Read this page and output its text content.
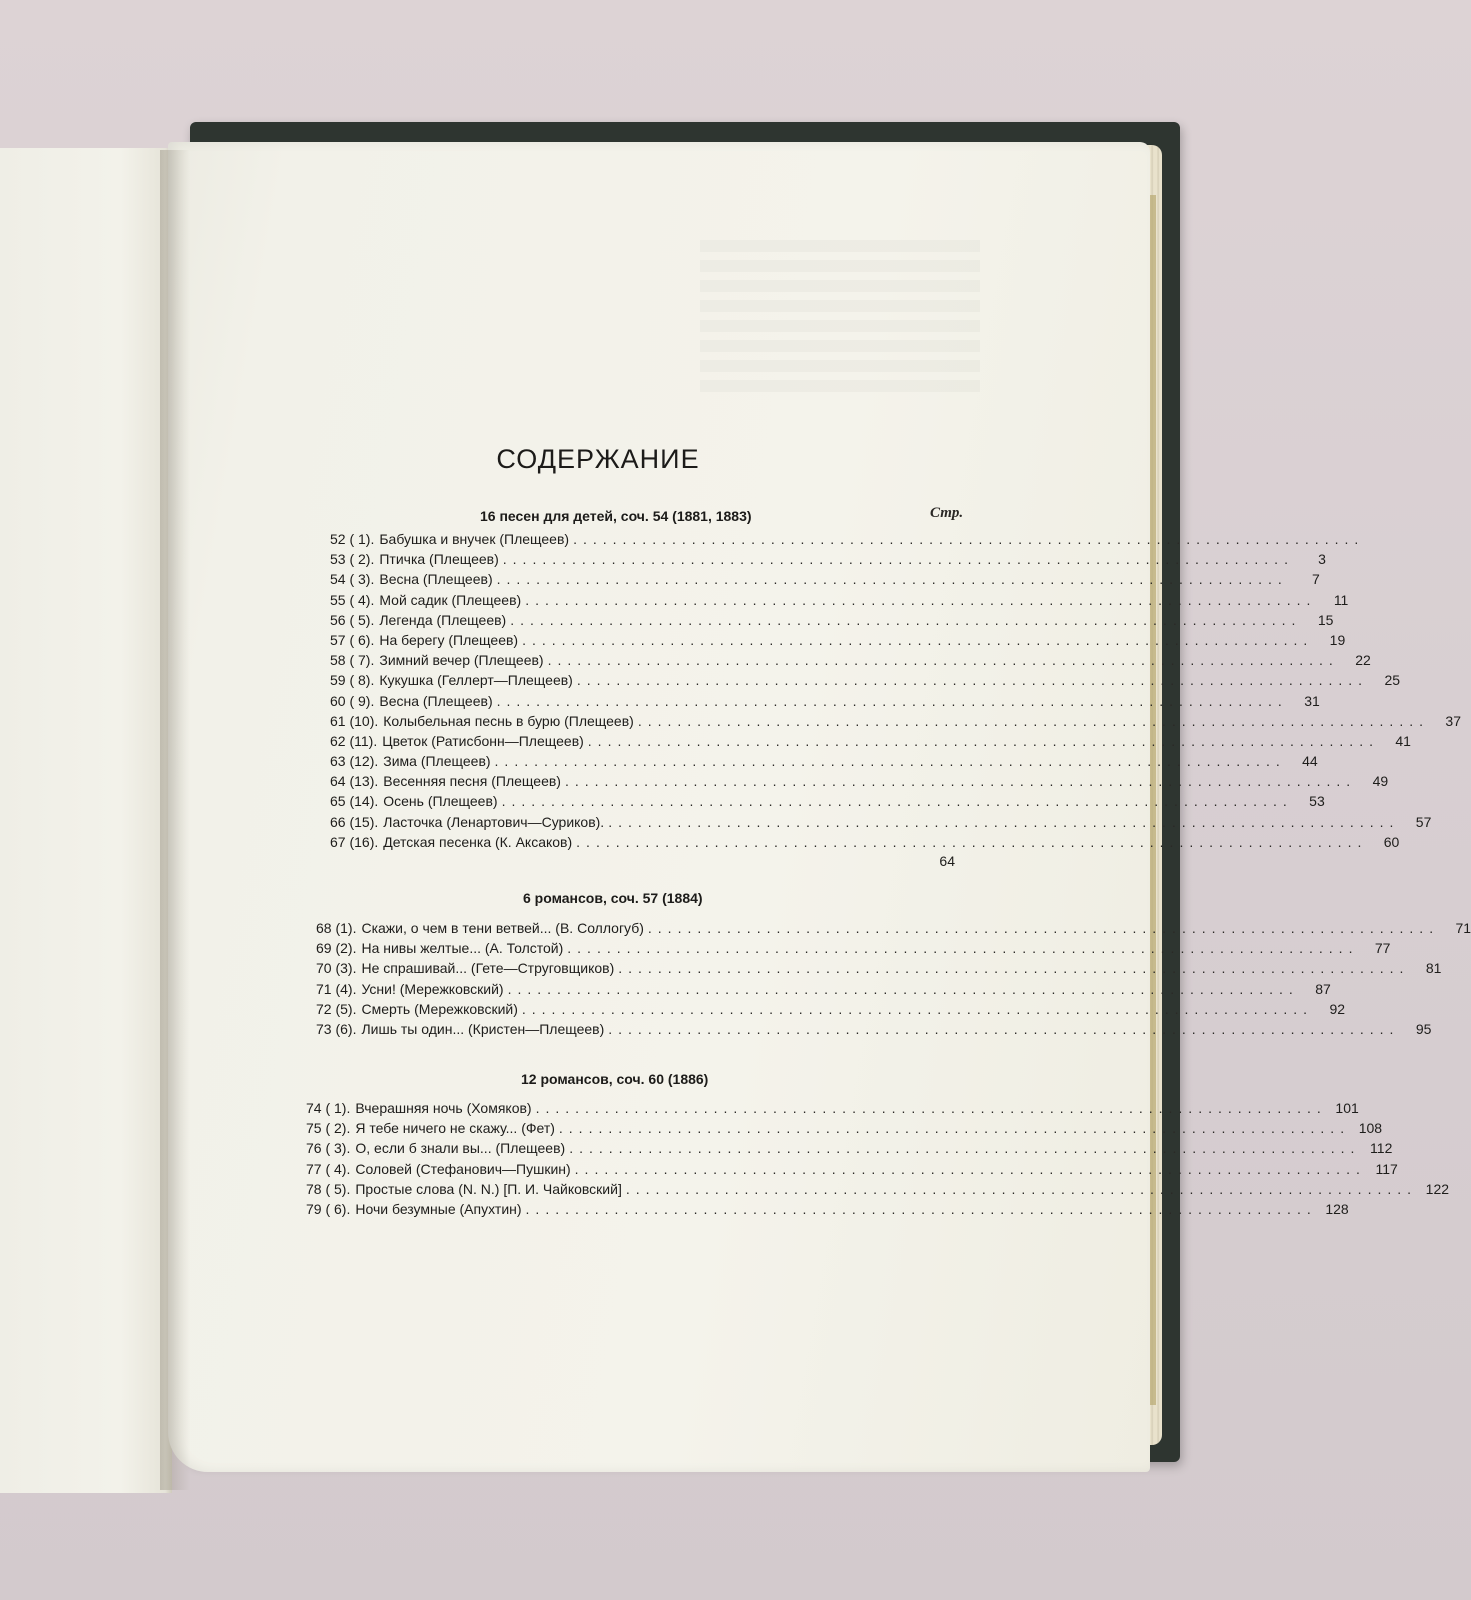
СОДЕРЖАНИЕ
16 песен для детей, соч. 54 (1881, 1883)	Стр.
52 ( 1). Бабушка и внучек (Плещеев) ................................................................................
53 ( 2). Птичка (Плещеев) ................................................................................	3
54 ( 3). Весна (Плещеев) ................................................................................	7
55 ( 4). Мой садик (Плещеев) ................................................................................	11
56 ( 5). Легенда (Плещеев) ................................................................................	15
57 ( 6). На берегу (Плещеев) ................................................................................	19
58 ( 7). Зимний вечер (Плещеев) ................................................................................	22
59 ( 8). Кукушка (Геллерт—Плещеев) ................................................................................	25
60 ( 9). Весна (Плещеев) ................................................................................	31
61 (10). Колыбельная песнь в бурю (Плещеев) ................................................................................	37
62 (11). Цветок (Ратисбонн—Плещеев) ................................................................................	41
63 (12). Зима (Плещеев) ................................................................................	44
64 (13). Весенняя песня (Плещеев) ................................................................................	49
65 (14). Осень (Плещеев) ................................................................................	53
66 (15). Ласточка (Ленартович—Суриков). ................................................................................	57
67 (16). Детская песенка (К. Аксаков) ................................................................................	60
64
6 романсов, соч. 57 (1884)
68 (1). Скажи, о чем в тени ветвей... (В. Соллогуб) ................................................................................	71
69 (2). На нивы желтые... (А. Толстой) ................................................................................	77
70 (3). Не спрашивай... (Гете—Струговщиков) ................................................................................	81
71 (4). Усни! (Мережковский) ................................................................................	87
72 (5). Смерть (Мережковский) ................................................................................	92
73 (6). Лишь ты один... (Кристен—Плещеев) ................................................................................	95
12 романсов, соч. 60 (1886)
74 ( 1). Вчерашняя ночь (Хомяков) ................................................................................ 101
75 ( 2). Я тебе ничего не скажу... (Фет) ................................................................................ 108
76 ( 3). О, если б знали вы... (Плещеев) ................................................................................ 112
77 ( 4). Соловей (Стефанович—Пушкин) ................................................................................ 117
78 ( 5). Простые слова (N. N.) [П. И. Чайковский] ................................................................................ 122
79 ( 6). Ночи безумные (Апухтин) ................................................................................ 128
